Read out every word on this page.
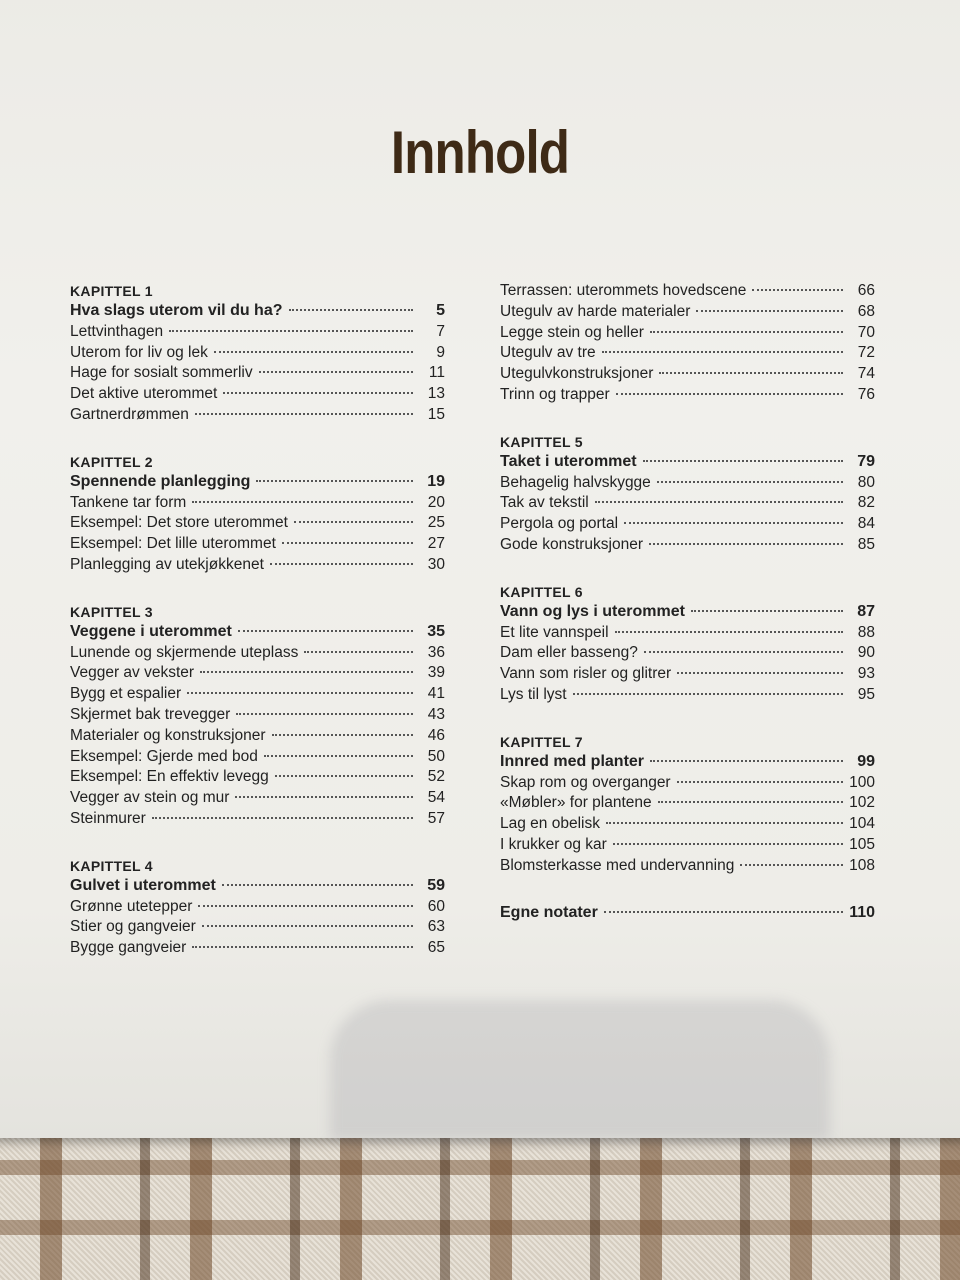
Innhold
KAPITTEL 1
Hva slags uterom vil du ha?	5
Lettvinthagen	7
Uterom for liv og lek	9
Hage for sosialt sommerliv	11
Det aktive uterommet	13
Gartnerdrømmen	15
KAPITTEL 2
Spennende planlegging	19
Tankene tar form	20
Eksempel: Det store uterommet	25
Eksempel: Det lille uterommet	27
Planlegging av utekjøkkenet	30
KAPITTEL 3
Veggene i uterommet	35
Lunende og skjermende uteplass	36
Vegger av vekster	39
Bygg et espalier	41
Skjermet bak trevegger	43
Materialer og konstruksjoner	46
Eksempel: Gjerde med bod	50
Eksempel: En effektiv levegg	52
Vegger av stein og mur	54
Steinmurer	57
KAPITTEL 4
Gulvet i uterommet	59
Grønne utetepper	60
Stier og gangveier	63
Bygge gangveier	65
Terrassen: uterommets hovedscene	66
Utegulv av harde materialer	68
Legge stein og heller	70
Utegulv av tre	72
Utegulvkonstruksjoner	74
Trinn og trapper	76
KAPITTEL 5
Taket i uterommet	79
Behagelig halvskygge	80
Tak av tekstil	82
Pergola og portal	84
Gode konstruksjoner	85
KAPITTEL 6
Vann og lys i uterommet	87
Et lite vannspeil	88
Dam eller basseng?	90
Vann som risler og glitrer	93
Lys til lyst	95
KAPITTEL 7
Innred med planter	99
Skap rom og overganger	100
«Møbler» for plantene	102
Lag en obelisk	104
I krukker og kar	105
Blomsterkasse med undervanning	108
Egne notater	110
